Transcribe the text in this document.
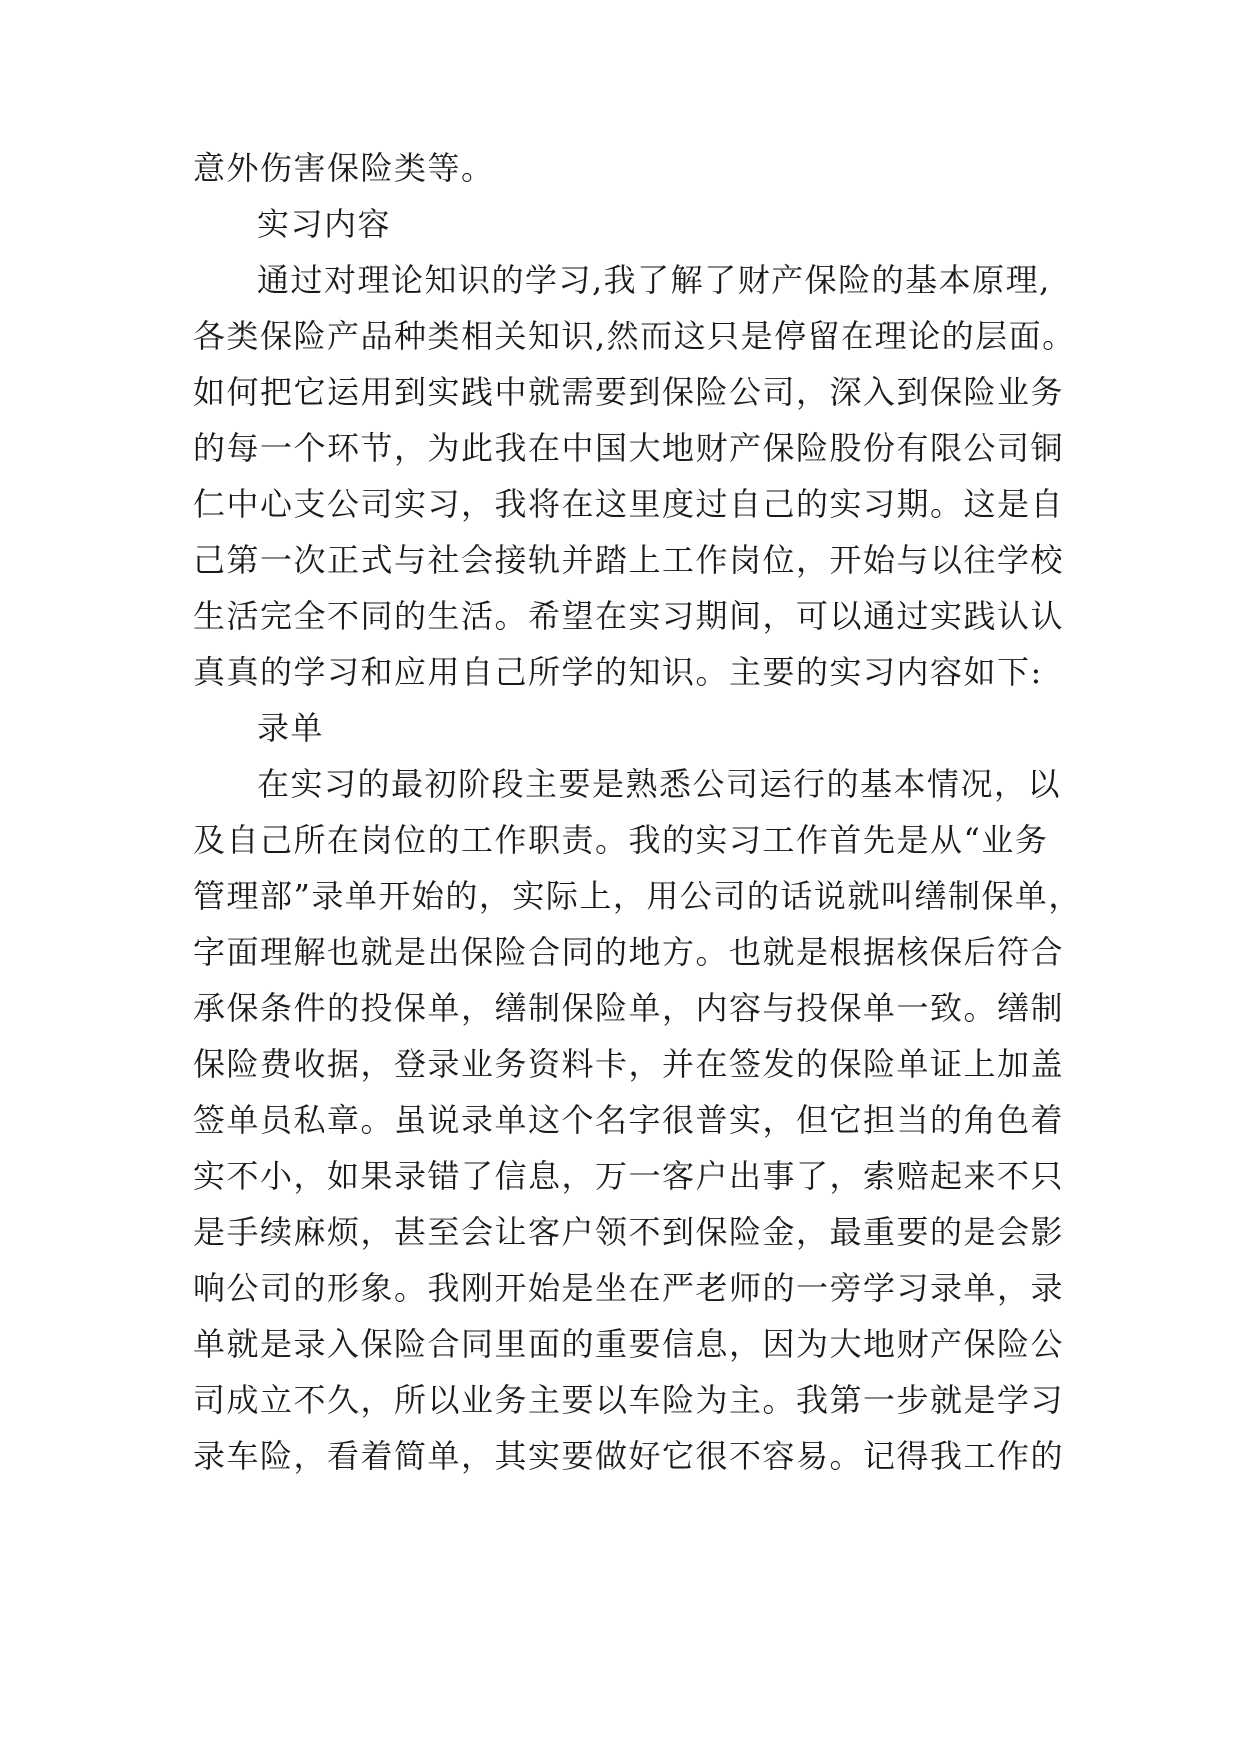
意外伤害保险类等。
实习内容
通过对理论知识的学习,我了解了财产保险的基本原理,
各类保险产品种类相关知识,然而这只是停留在理论的层面。
如何把它运用到实践中就需要到保险公司，深入到保险业务
的每一个环节，为此我在中国大地财产保险股份有限公司铜
仁中心支公司实习，我将在这里度过自己的实习期。这是自
己第一次正式与社会接轨并踏上工作岗位，开始与以往学校
生活完全不同的生活。希望在实习期间，可以通过实践认认
真真的学习和应用自己所学的知识。主要的实习内容如下:
录单
在实习的最初阶段主要是熟悉公司运行的基本情况，以
及自己所在岗位的工作职责。我的实习工作首先是从“业务
管理部”录单开始的，实际上，用公司的话说就叫缮制保单，
字面理解也就是出保险合同的地方。也就是根据核保后符合
承保条件的投保单，缮制保险单，内容与投保单一致。缮制
保险费收据，登录业务资料卡，并在签发的保险单证上加盖
签单员私章。虽说录单这个名字很普实，但它担当的角色着
实不小，如果录错了信息，万一客户出事了，索赔起来不只
是手续麻烦，甚至会让客户领不到保险金，最重要的是会影
响公司的形象。我刚开始是坐在严老师的一旁学习录单，录
单就是录入保险合同里面的重要信息，因为大地财产保险公
司成立不久，所以业务主要以车险为主。我第一步就是学习
录车险，看着简单，其实要做好它很不容易。记得我工作的
